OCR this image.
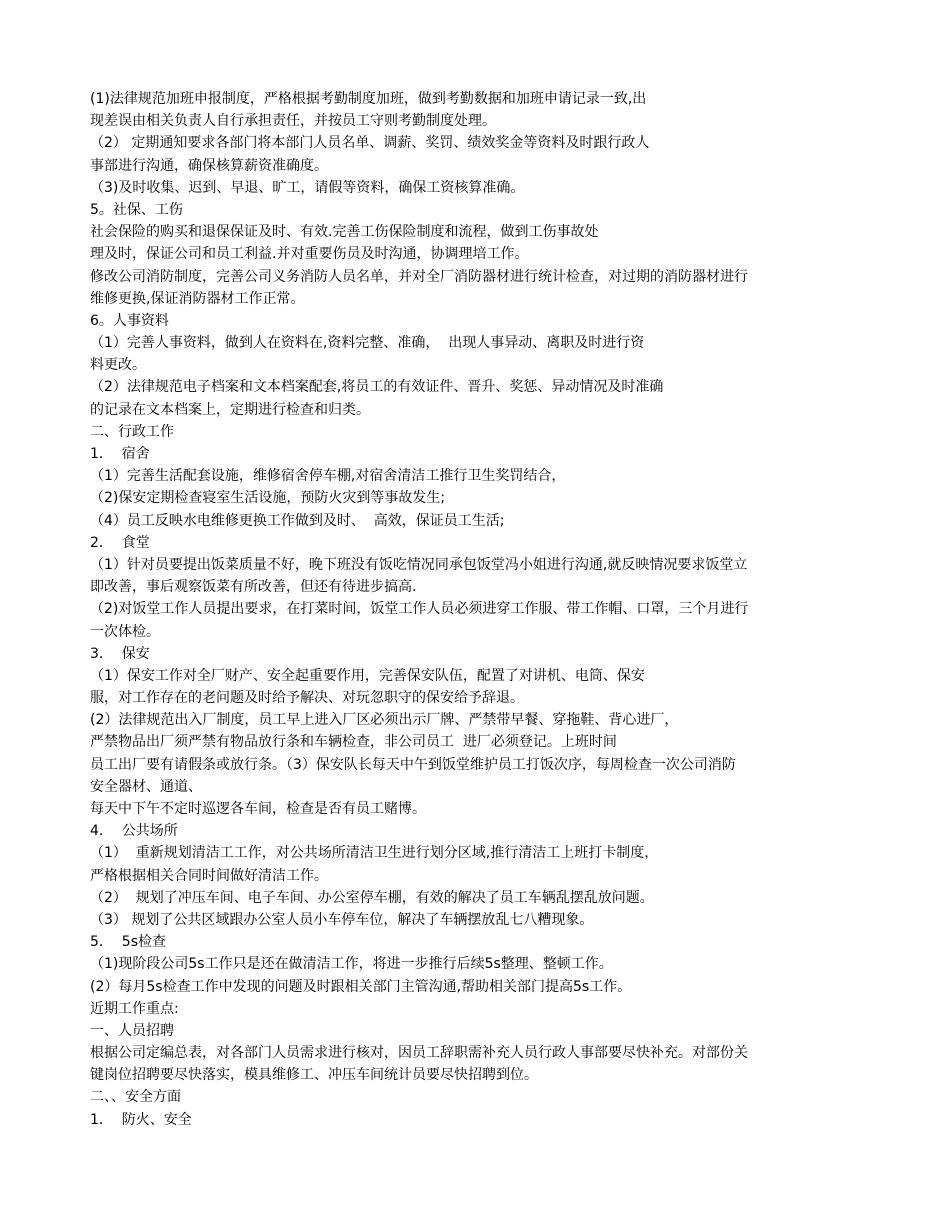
(1)法律规范加班申报制度，严格根据考勤制度加班，做到考勤数据和加班申请记录一致,出
现差误由相关负责人自行承担责任，并按员工守则考勤制度处理。
（2） 定期通知要求各部门将本部门人员名单、调薪、奖罚、绩效奖金等资料及时跟行政人
事部进行沟通，确保核算薪资准确度。
（3)及时收集、迟到、早退、旷工，请假等资料，确保工资核算准确。
5。社保、工伤
社会保险的购买和退保保证及时、有效.完善工伤保险制度和流程，做到工伤事故处
理及时，保证公司和员工利益.并对重要伤员及时沟通，协调理培工作。
修改公司消防制度，完善公司义务消防人员名单，并对全厂消防器材进行统计检查，对过期的消防器材进行
维修更换,保证消防器材工作正常。
6。人事资料
（1）完善人事资料，做到人在资料在,资料完整、准确，  出现人事异动、离职及时进行资
料更改。
（2）法律规范电子档案和文本档案配套,将员工的有效证件、晋升、奖惩、异动情况及时准确
的记录在文本档案上，定期进行检查和归类。
二、行政工作
1．  宿舍
（1）完善生活配套设施，维修宿舍停车棚,对宿舍清洁工推行卫生奖罚结合，
（2)保安定期检查寝室生活设施，预防火灾到等事故发生;
（4）员工反映水电维修更换工作做到及时、  高效，保证员工生活;
2．  食堂
（1）针对员要提出饭菜质量不好，晚下班没有饭吃情况同承包饭堂冯小姐进行沟通,就反映情况要求饭堂立
即改善，事后观察饭菜有所改善，但还有待进步搞高.
（2)对饭堂工作人员提出要求，在打菜时间，饭堂工作人员必须进穿工作服、带工作帽、口罩，三个月进行
一次体检。
3．  保安
（1）保安工作对全厂财产、安全起重要作用，完善保安队伍，配置了对讲机、电筒、保安
服，对工作存在的老问题及时给予解决、对玩忽职守的保安给予辞退。
(2）法律规范出入厂制度，员工早上进入厂区必须出示厂牌、严禁带早餐、穿拖鞋、背心进厂，
严禁物品出厂须严禁有物品放行条和车辆检查，非公司员工  进厂必须登记。上班时间
员工出厂要有请假条或放行条。（3）保安队长每天中午到饭堂维护员工打饭次序，每周检查一次公司消防
安全器材、通道、
每天中下午不定时巡逻各车间，检查是否有员工赌博。
4．  公共场所
（1）  重新规划清洁工工作，对公共场所清洁卫生进行划分区域,推行清洁工上班打卡制度，
严格根据相关合同时间做好清洁工作。
（2）  规划了冲压车间、电子车间、办公室停车棚，有效的解决了员工车辆乱摆乱放问题。
（3） 规划了公共区域跟办公室人员小车停车位，解决了车辆摆放乱七八糟现象。
5．  5s检查
（1)现阶段公司5s工作只是还在做清洁工作，将进一步推行后续5s整理、整顿工作。
(2）每月5s检查工作中发现的问题及时跟相关部门主管沟通,帮助相关部门提高5s工作。
近期工作重点:
一、人员招聘
根据公司定编总表，对各部门人员需求进行核对，因员工辞职需补充人员行政人事部要尽快补充。对部份关
键岗位招聘要尽快落实，模具维修工、冲压车间统计员要尽快招聘到位。
二、、安全方面
1．  防火、安全
